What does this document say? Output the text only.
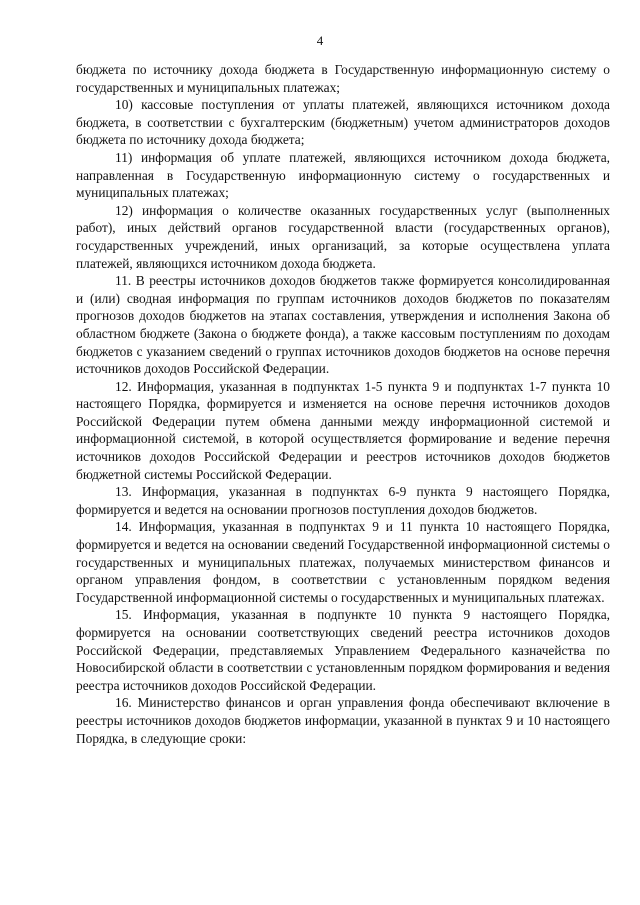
4

бюджета по источнику дохода бюджета в Государственную информационную систему о государственных и муниципальных платежах;

10) кассовые поступления от уплаты платежей, являющихся источником дохода бюджета, в соответствии с бухгалтерским (бюджетным) учетом администраторов доходов бюджета по источнику дохода бюджета;

11) информация об уплате платежей, являющихся источником дохода бюджета, направленная в Государственную информационную систему о государственных и муниципальных платежах;

12) информация о количестве оказанных государственных услуг (выполненных работ), иных действий органов государственной власти (государственных органов), государственных учреждений, иных организаций, за которые осуществлена уплата платежей, являющихся источником дохода бюджета.

11. В реестры источников доходов бюджетов также формируется консолидированная и (или) сводная информация по группам источников доходов бюджетов по показателям прогнозов доходов бюджетов на этапах составления, утверждения и исполнения Закона об областном бюджете (Закона о бюджете фонда), а также кассовым поступлениям по доходам бюджетов с указанием сведений о группах источников доходов бюджетов на основе перечня источников доходов Российской Федерации.

12. Информация, указанная в подпунктах 1-5 пункта 9 и подпунктах 1-7 пункта 10 настоящего Порядка, формируется и изменяется на основе перечня источников доходов Российской Федерации путем обмена данными между информационной системой и информационной системой, в которой осуществляется формирование и ведение перечня источников доходов Российской Федерации и реестров источников доходов бюджетов бюджетной системы Российской Федерации.

13. Информация, указанная в подпунктах 6-9 пункта 9 настоящего Порядка, формируется и ведется на основании прогнозов поступления доходов бюджетов.

14. Информация, указанная в подпунктах 9 и 11 пункта 10 настоящего Порядка, формируется и ведется на основании сведений Государственной информационной системы о государственных и муниципальных платежах, получаемых министерством финансов и органом управления фондом, в соответствии с установленным порядком ведения Государственной информационной системы о государственных и муниципальных платежах.

15. Информация, указанная в подпункте 10 пункта 9 настоящего Порядка, формируется на основании соответствующих сведений реестра источников доходов Российской Федерации, представляемых Управлением Федерального казначейства по Новосибирской области в соответствии с установленным порядком формирования и ведения реестра источников доходов Российской Федерации.

16. Министерство финансов и орган управления фонда обеспечивают включение в реестры источников доходов бюджетов информации, указанной в пунктах 9 и 10 настоящего Порядка, в следующие сроки:
